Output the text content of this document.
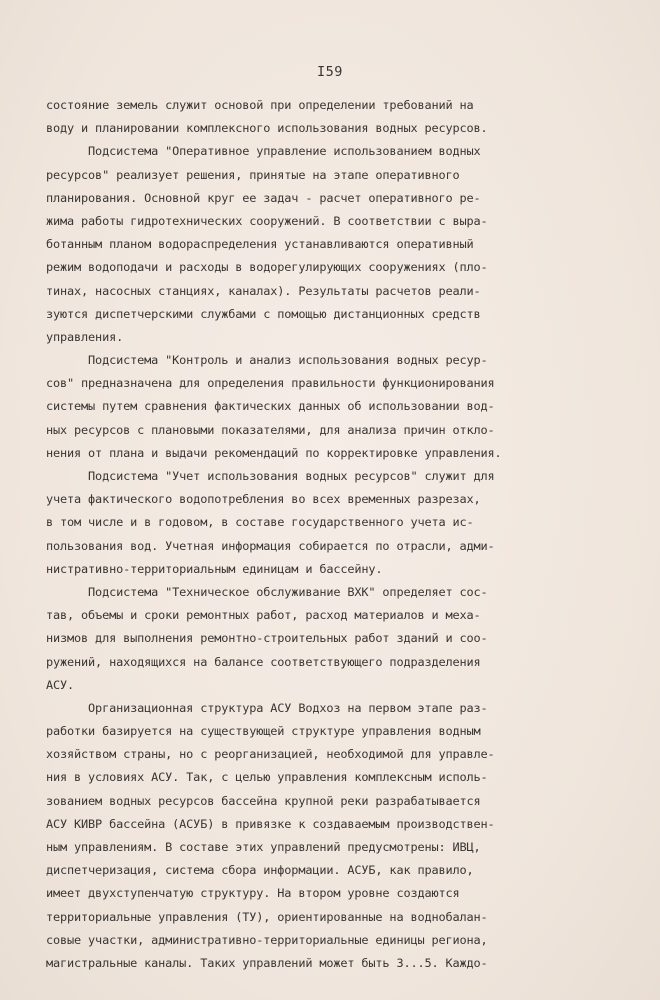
I59
состояние земель служит основой при определении требований на
воду и планировании комплексного использования водных ресурсов.
Подсистема "Оперативное управление использованием водных
ресурсов" реализует решения, принятые на этапе оперативного
планирования. Основной круг ее задач - расчет оперативного ре-
жима работы гидротехнических сооружений. В соответствии с выра-
ботанным планом водораспределения устанавливаются оперативный
режим водоподачи и расходы в водорегулирующих сооружениях (пло-
тинах, насосных станциях, каналах). Результаты расчетов реали-
зуются диспетчерскими службами с помощью дистанционных средств
управления.
Подсистема "Контроль и анализ использования водных ресур-
сов" предназначена для определения правильности функционирования
системы путем сравнения фактических данных об использовании вод-
ных ресурсов с плановыми показателями, для анализа причин откло-
нения от плана и выдачи рекомендаций по корректировке управления.
Подсистема "Учет использования водных ресурсов" служит для
учета фактического водопотребления во всех временных разрезах,
в том числе и в годовом, в составе государственного учета ис-
пользования вод. Учетная информация собирается по отрасли, адми-
нистративно-территориальным единицам и бассейну.
Подсистема "Техническое обслуживание ВХК" определяет сос-
тав, объемы и сроки ремонтных работ, расход материалов и меха-
низмов для выполнения ремонтно-строительных работ зданий и соо-
ружений, находящихся на балансе соответствующего подразделения
АСУ.
Организационная структура АСУ Водхоз на первом этапе раз-
работки базируется на существующей структуре управления водным
хозяйством страны, но с реорганизацией, необходимой для управле-
ния в условиях АСУ. Так, с целью управления комплексным исполь-
зованием водных ресурсов бассейна крупной реки разрабатывается
АСУ КИВР бассейна (АСУБ) в привязке к создаваемым производствен-
ным управлениям. В составе этих управлений предусмотрены: ИВЦ,
диспетчеризация, система сбора информации. АСУБ, как правило,
имеет двухступенчатую структуру. На втором уровне создаются
территориальные управления (ТУ), ориентированные на воднобалан-
совые участки, административно-территориальные единицы региона,
магистральные каналы. Таких управлений может быть 3...5. Каждо-
